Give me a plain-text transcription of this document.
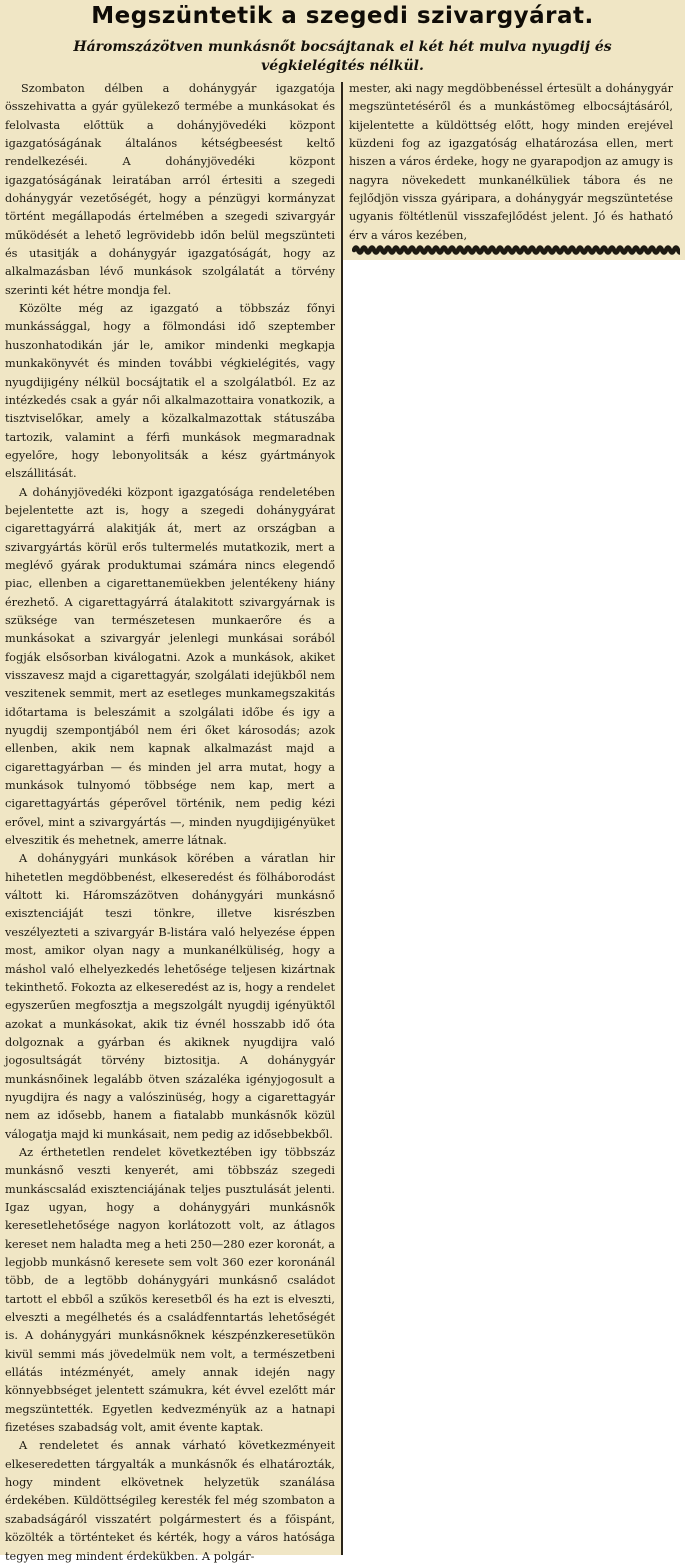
Megszüntetik a szegedi szivargyárat.
Háromszázötven munkásnőt bocsájtanak el két hét mulva nyugdij és végkielégités nélkül.

Szombaton délben a dohánygyár igazgatója összehivatta a gyár gyülekező termébe a munkásokat és felolvasta előttük a dohányjövedéki központ igazgatóságának általános kétségbeesést keltő rendelkezéséi. A dohányjövedéki központ igazgatóságának leiratában arról értesiti a szegedi dohánygyár vezetőségét, hogy a pénzügyi kormányzat történt megállapodás értelmében a szegedi szivargyár működését a lehető legrövidebb időn belül megszünteti és utasitják a dohánygyár igazgatóságát, hogy az alkalmazásban lévő munkások szolgálatát a törvény szerinti két hétre mondja fel.

Közölte még az igazgató a többszáz főnyi munkássággal, hogy a fölmondási idő szeptember huszonhatodikán jár le, amikor mindenki megkapja munkakönyvét és minden további végkielégités, vagy nyugdijigény nélkül bocsájtatik el a szolgálatból. Ez az intézkedés csak a gyár női alkalmazottaira vonatkozik, a tisztviselőkar, amely a közalkalmazottak státuszába tartozik, valamint a férfi munkások megmaradnak egyelőre, hogy lebonyolitsák a kész gyártmányok elszállitását.

A dohányjövedéki központ igazgatósága rendeletében bejelentette azt is, hogy a szegedi dohánygyárat cigarettagyárrá alakitják át, mert az országban a szivargyártás körül erős tultermelés mutatkozik, mert a meglévő gyárak produktumai számára nincs elegendő piac, ellenben a cigarettanemüekben jelentékeny hiány érezhető. A cigarettagyárrá átalakitott szivargyárnak is szüksége van természetesen munkaerőre és a munkásokat a szivargyár jelenlegi munkásai sorából fogják elsősorban kiválogatni. Azok a munkások, akiket visszavesz majd a cigarettagyár, szolgálati idejükből nem veszitenek semmit, mert az esetleges munkamegszakitás időtartama is beleszámit a szolgálati időbe és igy a nyugdij szempontjából nem éri őket károsodás; azok ellenben, akik nem kapnak alkalmazást majd a cigarettagyárban — és minden jel arra mutat, hogy a munkások tulnyomó többsége nem kap, mert a cigarettagyártás géperővel történik, nem pedig kézi erővel, mint a szivargyártás —, minden nyugdijigényüket elveszitik és mehetnek, amerre látnak.

A dohánygyári munkások körében a váratlan hir hihetetlen megdöbbenést, elkeseredést és fölháborodást váltott ki. Háromszázötven dohánygyári munkásnő exisztenciáját teszi tönkre, illetve kisrészben veszélyezteti a szivargyár B-listára való helyezése éppen most, amikor olyan nagy a munkanélküliség, hogy a máshol való elhelyezkedés lehetősége teljesen kizártnak tekinthető. Fokozta az elkeseredést az is, hogy a rendelet egyszerűen megfosztja a megszolgált nyugdij igényüktől azokat a munkásokat, akik tiz évnél hosszabb idő óta dolgoznak a gyárban és akiknek nyugdijra való jogosultságát törvény biztositja. A dohánygyár munkásnőinek legalább ötven százaléka igényjogosult a nyugdijra és nagy a valószinüség, hogy a cigarettagyár nem az idősebb, hanem a fiatalabb munkásnők közül válogatja majd ki munkásait, nem pedig az idősebbekből.

Az érthetetlen rendelet következtében igy többszáz munkásnő veszti kenyerét, ami többszáz szegedi munkáscsalád exisztenciájának teljes pusztulását jelenti. Igaz ugyan, hogy a dohánygyári munkásnők keresetlehetősége nagyon korlátozott volt, az átlagos kereset nem haladta meg a heti 250—280 ezer koronát, a legjobb munkásnő keresete sem volt 360 ezer koronánál több, de a legtöbb dohánygyári munkásnő családot tartott el ebből a szűkös keresetből és ha ezt is elveszti, elveszti a megélhetés és a családfenntartás lehetőségét is. A dohánygyári munkásnőknek készpénzkeresetükön kivül semmi más jövedelmük nem volt, a természetbeni ellátás intézményét, amely annak idején nagy könnyebbséget jelentett számukra, két évvel ezelőtt már megszüntették. Egyetlen kedvezményük az a hatnapi fizetéses szabadság volt, amit évente kaptak.

A rendeletet és annak várható következményeit elkeseredetten tárgyalták a munkásnők és elhatározták, hogy mindent elkövetnek helyzetük szanálása érdekében. Küldöttségileg keresték fel még szombaton a szabadságáról visszatért polgármestert és a főispánt, közölték a történteket és kérték, hogy a város hatósága tegyen meg mindent érdekükben. A polgár-

mester, aki nagy megdöbbenéssel értesült a dohánygyár megszüntetéséről és a munkástömeg elbocsájtásáról, kijelentette a küldöttség előtt, hogy minden erejével küzdeni fog az igazgatóság elhatározása ellen, mert hiszen a város érdeke, hogy ne gyarapodjon az amugy is nagyra növekedett munkanélküliek tábora és ne fejlődjön vissza gyáripara, a dohánygyár megszüntetése ugyanis föltétlenül visszafejlődést jelent. Jó és hatható érv a város kezében,
